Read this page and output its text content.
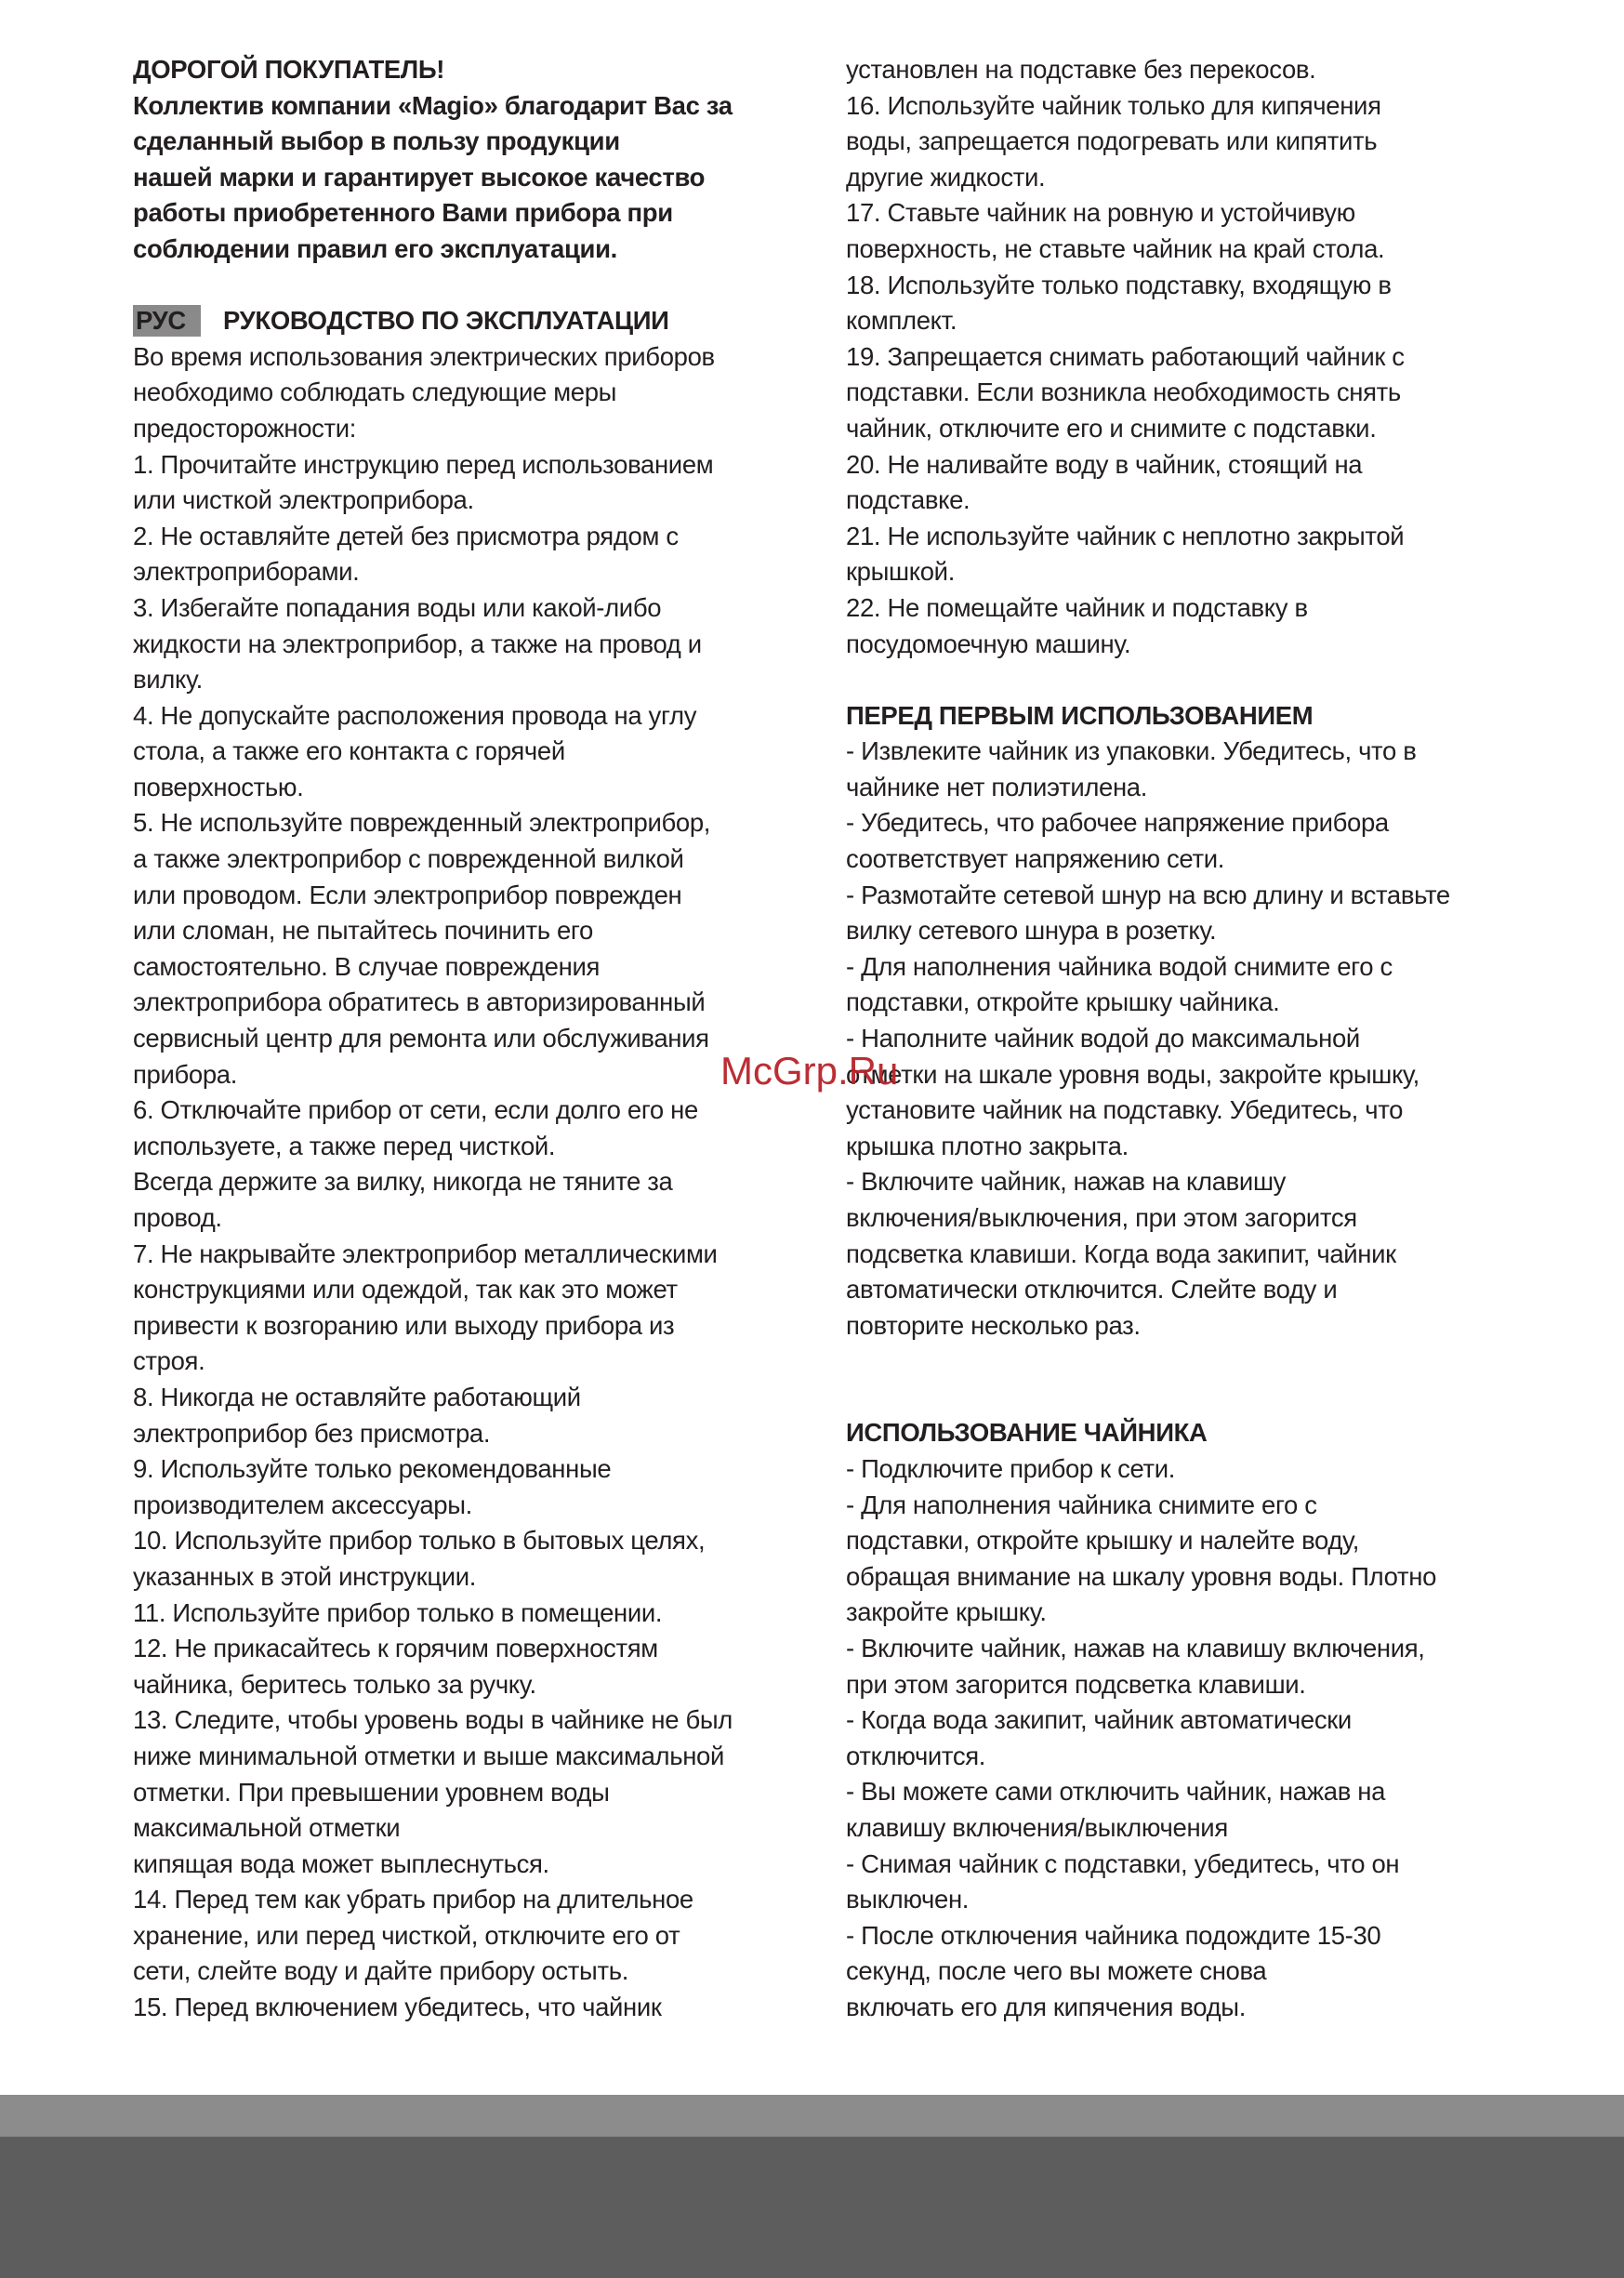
ДОРОГОЙ ПОКУПАТЕЛЬ!
Коллектив компании «Magio» благодарит Вас за
сделанный выбор в пользу продукции
нашей марки и гарантирует высокое качество
работы приобретенного Вами прибора при
соблюдении правил его эксплуатации.
РУС	РУКОВОДСТВО ПО ЭКСПЛУАТАЦИИ
Во время использования электрических приборов
необходимо соблюдать следующие меры
предосторожности:
1. Прочитайте инструкцию перед использованием
или чисткой электроприбора.
2. Не оставляйте детей без присмотра рядом с
электроприборами.
3. Избегайте попадания воды или какой-либо
жидкости на электроприбор, а также на провод и
вилку.
4. Не допускайте расположения провода на углу
стола, а также его контакта с горячей
поверхностью.
5. Не используйте поврежденный электроприбор,
а также электроприбор с поврежденной вилкой
или проводом. Если электроприбор поврежден
или сломан, не пытайтесь починить его
самостоятельно. В случае повреждения
электроприбора обратитесь в авторизированный
сервисный центр для ремонта или обслуживания
прибора.
6. Отключайте прибор от сети, если долго его не
используете, а также перед чисткой.
Всегда держите за вилку, никогда не тяните за
провод.
7. Не накрывайте электроприбор металлическими
конструкциями или одеждой, так как это может
привести к возгоранию или выходу прибора из
строя.
8. Никогда не оставляйте работающий
электроприбор без присмотра.
9. Используйте только рекомендованные
производителем аксессуары.
10. Используйте прибор только в бытовых целях,
указанных в этой инструкции.
11. Используйте прибор только в помещении.
12. Не прикасайтесь к горячим поверхностям
чайника, беритесь только за ручку.
13. Следите, чтобы уровень воды в чайнике не был
ниже минимальной отметки и выше максимальной
отметки. При превышении уровнем воды
максимальной отметки
кипящая вода может выплеснуться.
14. Перед тем как убрать прибор на длительное
хранение, или перед чисткой, отключите его от
сети, слейте воду и дайте прибору остыть.
15. Перед включением убедитесь, что чайник
установлен на подставке без перекосов.
16. Используйте чайник только для кипячения
воды, запрещается подогревать или кипятить
другие жидкости.
17. Ставьте чайник на ровную и устойчивую
поверхность, не ставьте чайник на край стола.
18. Используйте только подставку, входящую в
комплект.
19. Запрещается снимать работающий чайник с
подставки. Если возникла необходимость снять
чайник, отключите его и снимите с подставки.
20. Не наливайте воду в чайник, стоящий на
подставке.
21. Не используйте чайник с неплотно закрытой
крышкой.
22. Не помещайте чайник и подставку в
посудомоечную машину.
ПЕРЕД ПЕРВЫМ ИСПОЛЬЗОВАНИЕМ
- Извлеките чайник из упаковки. Убедитесь, что в
чайнике нет полиэтилена.
- Убедитесь, что рабочее напряжение прибора
соответствует напряжению сети.
- Размотайте сетевой шнур на всю длину и вставьте
вилку сетевого шнура в розетку.
- Для наполнения чайника водой снимите его с
подставки, откройте крышку чайника.
- Наполните чайник водой до максимальной
отметки на шкале уровня воды, закройте крышку,
установите чайник на подставку. Убедитесь, что
крышка плотно закрыта.
- Включите чайник, нажав на клавишу
включения/выключения, при этом загорится
подсветка клавиши. Когда вода закипит, чайник
автоматически отключится. Слейте воду и
повторите несколько раз.
ИСПОЛЬЗОВАНИЕ ЧАЙНИКА
- Подключите прибор к сети.
- Для наполнения чайника снимите его с
подставки, откройте крышку и налейте воду,
обращая внимание на шкалу уровня воды. Плотно
закройте крышку.
- Включите чайник, нажав на клавишу включения,
при этом загорится подсветка клавиши.
- Когда вода закипит, чайник автоматически
отключится.
- Вы можете сами отключить чайник, нажав на
клавишу включения/выключения
- Снимая чайник с подставки, убедитесь, что он
выключен.
- После отключения чайника подождите 15-30
секунд, после чего вы можете снова
включать его для кипячения воды.
McGrp.Ru
